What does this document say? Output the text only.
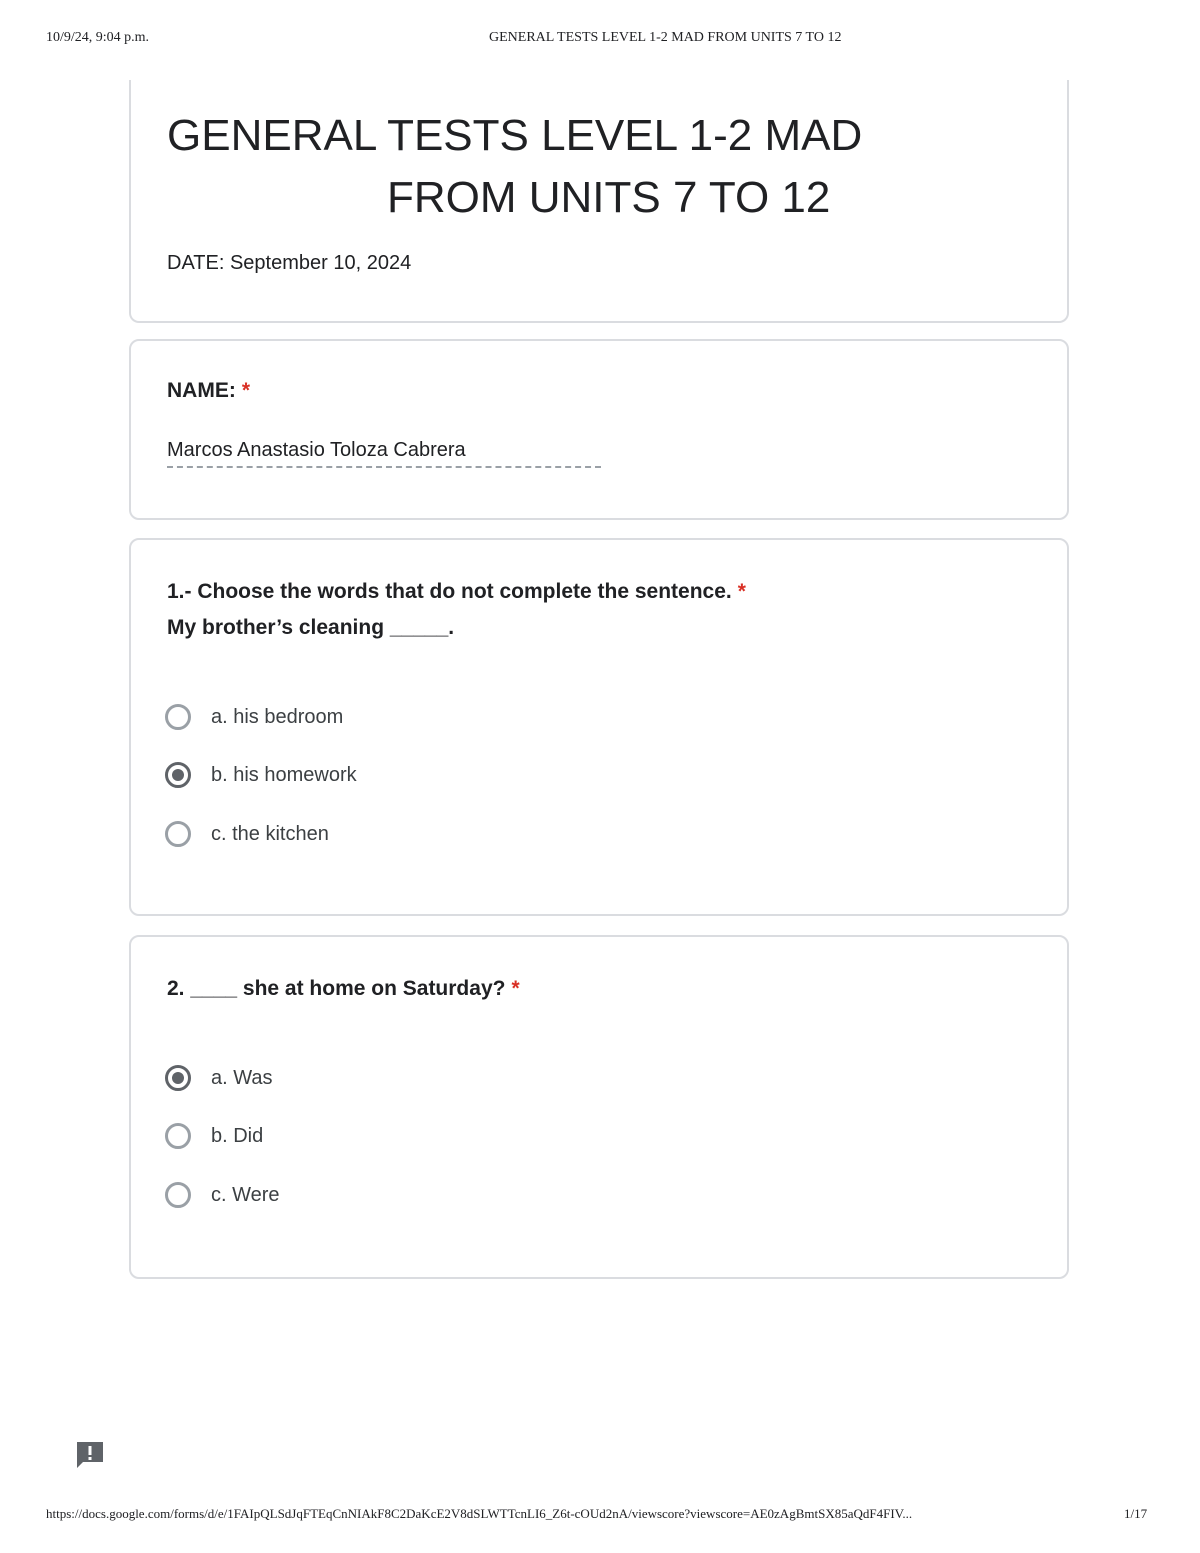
10/9/24, 9:04 p.m.	GENERAL TESTS LEVEL 1-2 MAD FROM UNITS 7 TO 12
GENERAL TESTS LEVEL 1-2 MAD
FROM UNITS 7 TO 12
DATE: September 10, 2024
NAME: *
Marcos Anastasio Toloza Cabrera
1.- Choose the words that do not complete the sentence. *
My brother’s cleaning _____.
a. his bedroom
b. his homework
c. the kitchen
2. ____ she at home on Saturday? *
a. Was
b. Did
c. Were
https://docs.google.com/forms/d/e/1FAIpQLSdJqFTEqCnNIAkF8C2DaKcE2V8dSLWTTcnLI6_Z6t-cOUd2nA/viewscore?viewscore=AE0zAgBmtSX85aQdF4FIV...	1/17
